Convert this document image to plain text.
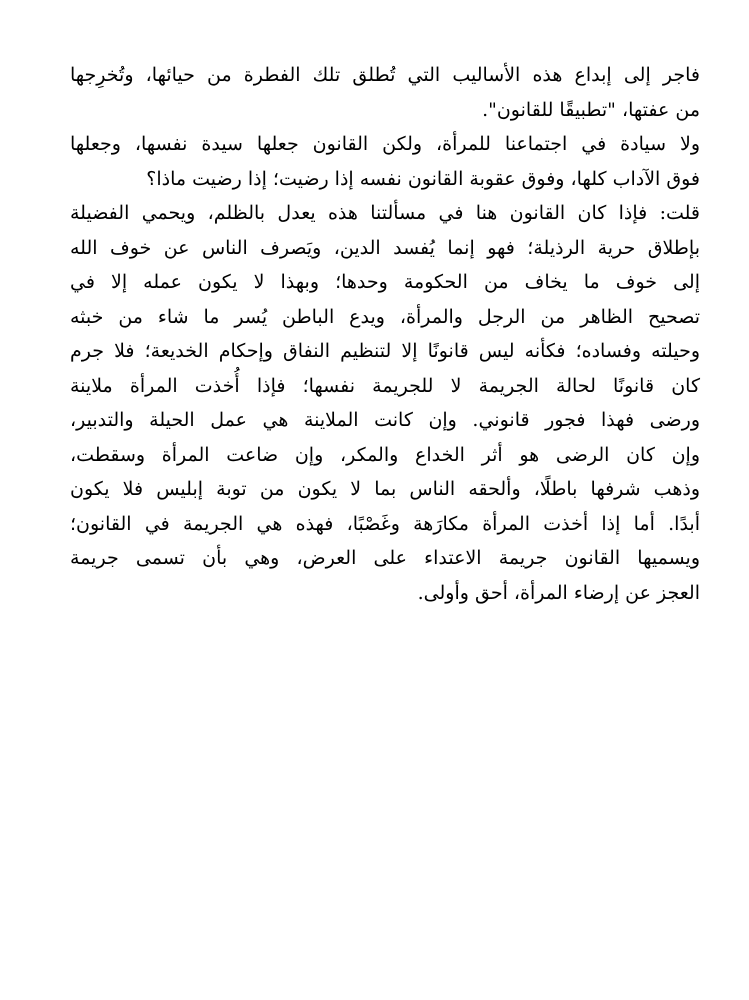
فاجر إلى إبداع هذه الأساليب التي تُطلق تلك الفطرة من حيائها، وتُخرِجها
من عفتها، "تطبيقًا للقانون".

ولا سيادة في اجتماعنا للمرأة، ولكن القانون جعلها سيدة نفسها، وجعلها
فوق الآداب كلها، وفوق عقوبة القانون نفسه إذا رضيت؛ إذا رضيت ماذا؟

قلت: فإذا كان القانون هنا في مسألتنا هذه يعدل بالظلم، ويحمي الفضيلة
بإطلاق حرية الرذيلة؛ فهو إنما يُفسد الدين، ويَصرف الناس عن خوف الله
إلى خوف ما يخاف من الحكومة وحدها؛ وبهذا لا يكون عمله إلا في
تصحيح الظاهر من الرجل والمرأة، ويدع الباطن يُسر ما شاء من خبثه
وحيلته وفساده؛ فكأنه ليس قانونًا إلا لتنظيم النفاق وإحكام الخديعة؛ فلا جرم
كان قانونًا لحالة الجريمة لا للجريمة نفسها؛ فإذا أُخذت المرأة ملاينة
ورضى فهذا فجور قانوني. وإن كانت الملاينة هي عمل الحيلة والتدبير،
وإن كان الرضى هو أثر الخداع والمكر، وإن ضاعت المرأة وسقطت،
وذهب شرفها باطلًا، وألحقه الناس بما لا يكون من توبة إبليس فلا يكون
أبدًا. أما إذا أخذت المرأة مكارَهة وغَصْبًا، فهذه هي الجريمة في القانون؛
ويسميها القانون جريمة الاعتداء على العرض، وهي بأن تسمى جريمة
العجز عن إرضاء المرأة، أحق وأولى.
